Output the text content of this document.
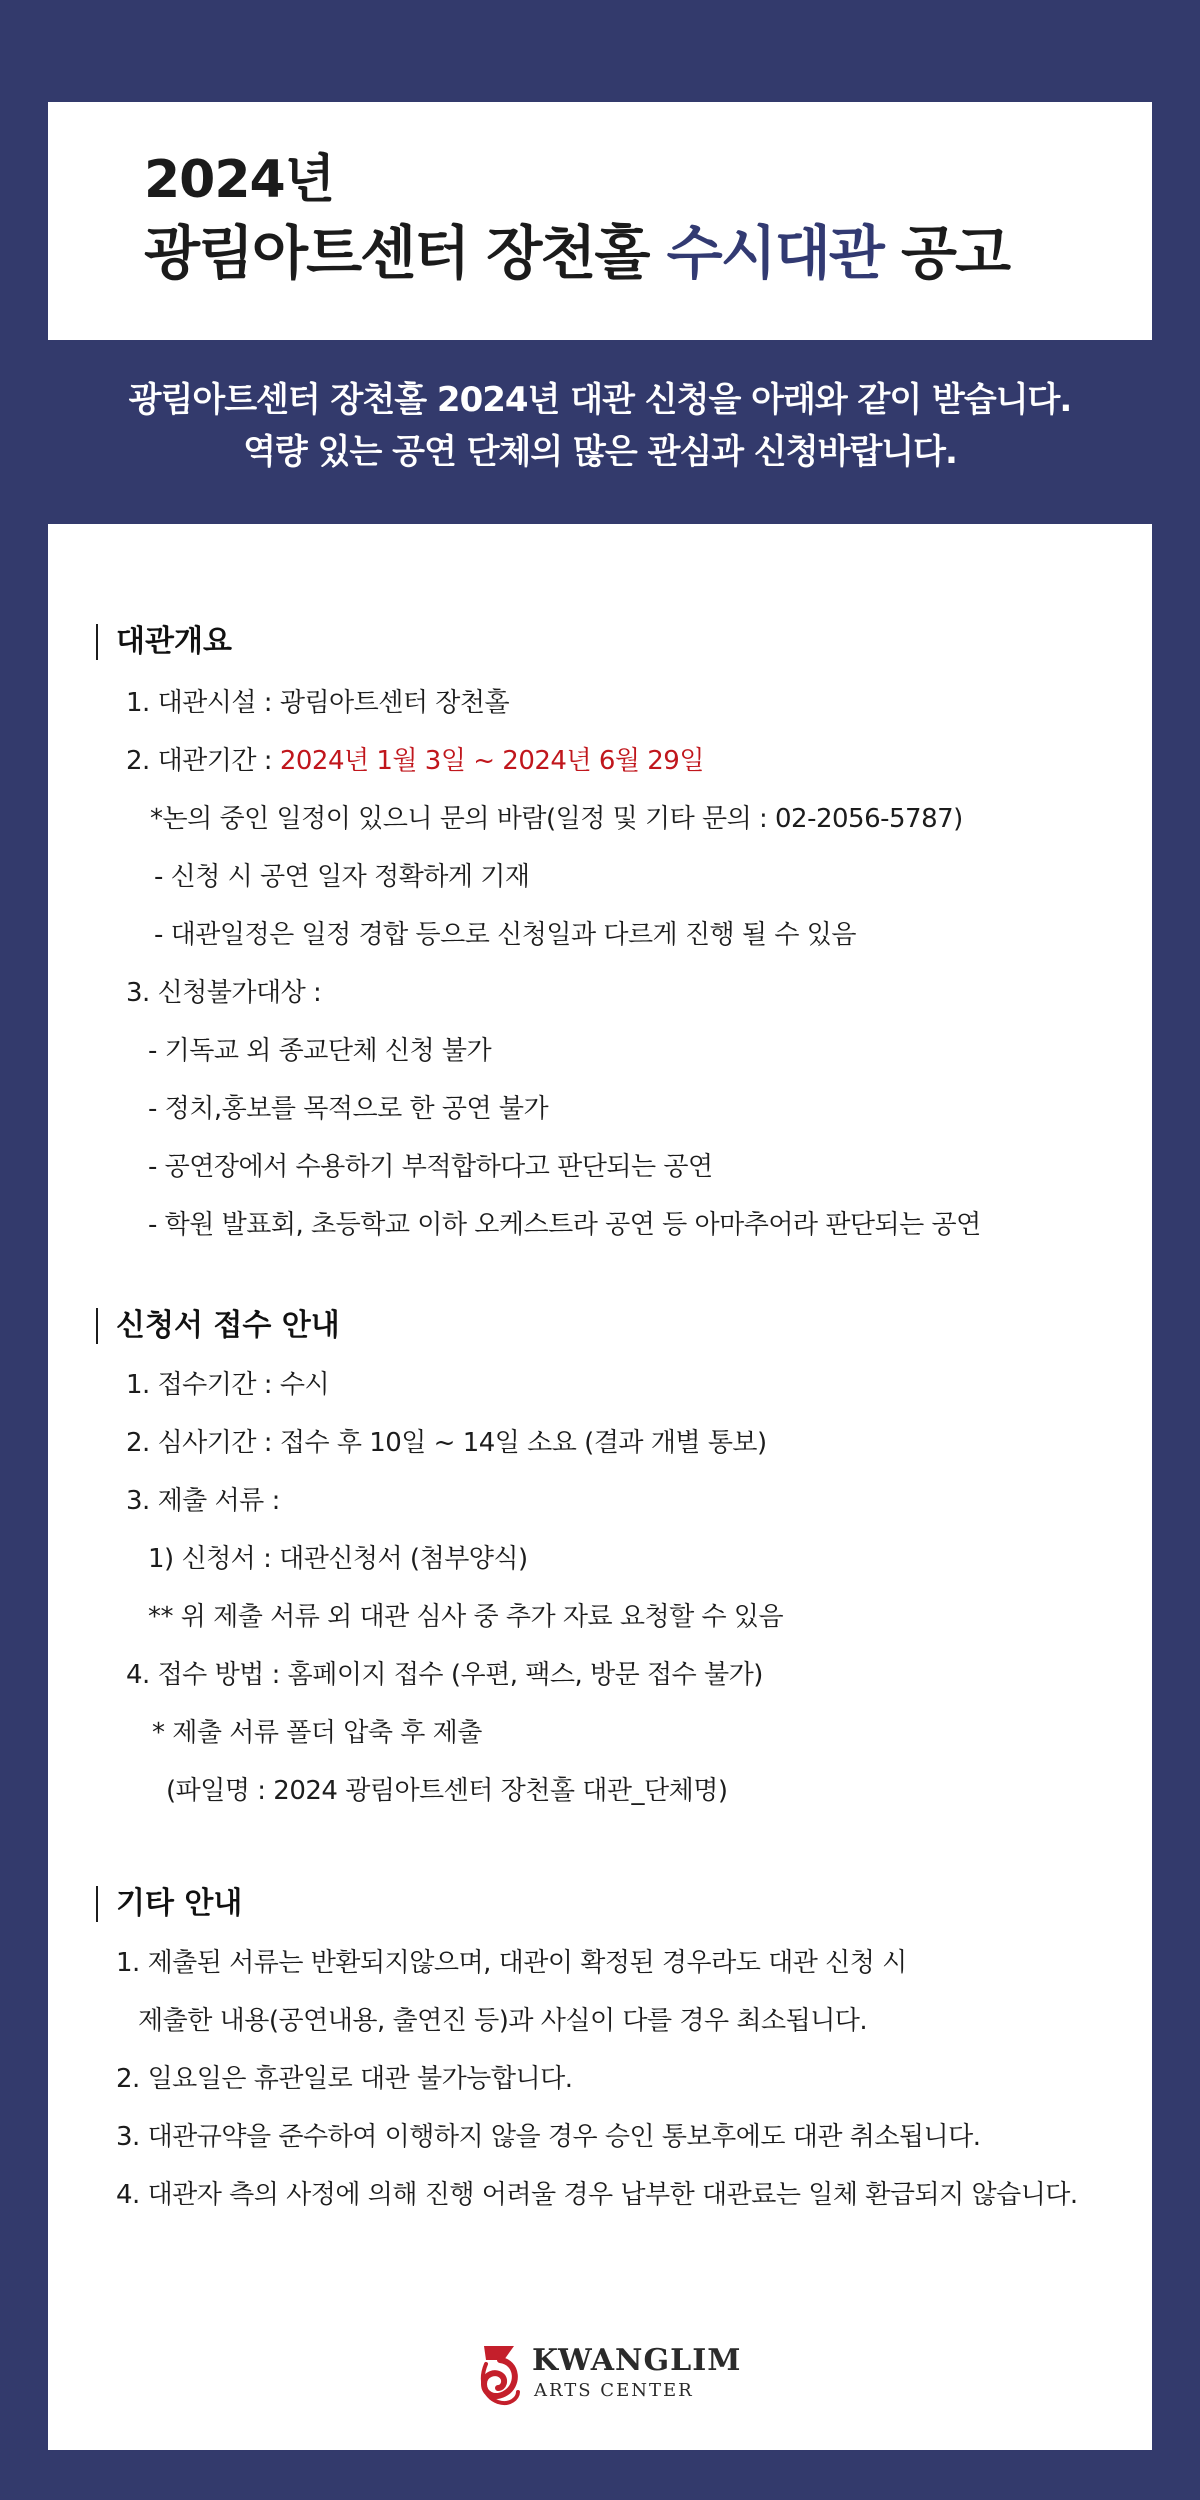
2024년
광림아트센터 장천홀 수시대관 공고
광림아트센터 장천홀 2024년 대관 신청을 아래와 같이 받습니다.
역량 있는 공연 단체의 많은 관심과 신청바랍니다.
대관개요
1. 대관시설 : 광림아트센터 장천홀
2. 대관기간 : 2024년 1월 3일 ~ 2024년 6월 29일
*논의 중인 일정이 있으니 문의 바람(일정 및 기타 문의 : 02-2056-5787)
- 신청 시 공연 일자 정확하게 기재
- 대관일정은 일정 경합 등으로 신청일과 다르게 진행 될 수 있음
3. 신청불가대상 :
- 기독교 외 종교단체 신청 불가
- 정치,홍보를 목적으로 한 공연 불가
- 공연장에서 수용하기 부적합하다고 판단되는 공연
- 학원 발표회, 초등학교 이하 오케스트라 공연 등 아마추어라 판단되는 공연
신청서 접수 안내
1. 접수기간 : 수시
2. 심사기간 : 접수 후 10일 ~ 14일 소요 (결과 개별 통보)
3. 제출 서류 :
1) 신청서 : 대관신청서 (첨부양식)
** 위 제출 서류 외 대관 심사 중 추가 자료 요청할 수 있음
4. 접수 방법 : 홈페이지 접수 (우편, 팩스, 방문 접수 불가)
* 제출 서류 폴더 압축 후 제출
(파일명 : 2024 광림아트센터 장천홀 대관_단체명)
기타 안내
1. 제출된 서류는 반환되지않으며, 대관이 확정된 경우라도 대관 신청 시
제출한 내용(공연내용, 출연진 등)과 사실이 다를 경우 최소됩니다.
2. 일요일은 휴관일로 대관 불가능합니다.
3. 대관규약을 준수하여 이행하지 않을 경우 승인 통보후에도 대관 취소됩니다.
4. 대관자 측의 사정에 의해 진행 어려울 경우 납부한 대관료는 일체 환급되지 않습니다.
KWANGLIM
ARTS CENTER
